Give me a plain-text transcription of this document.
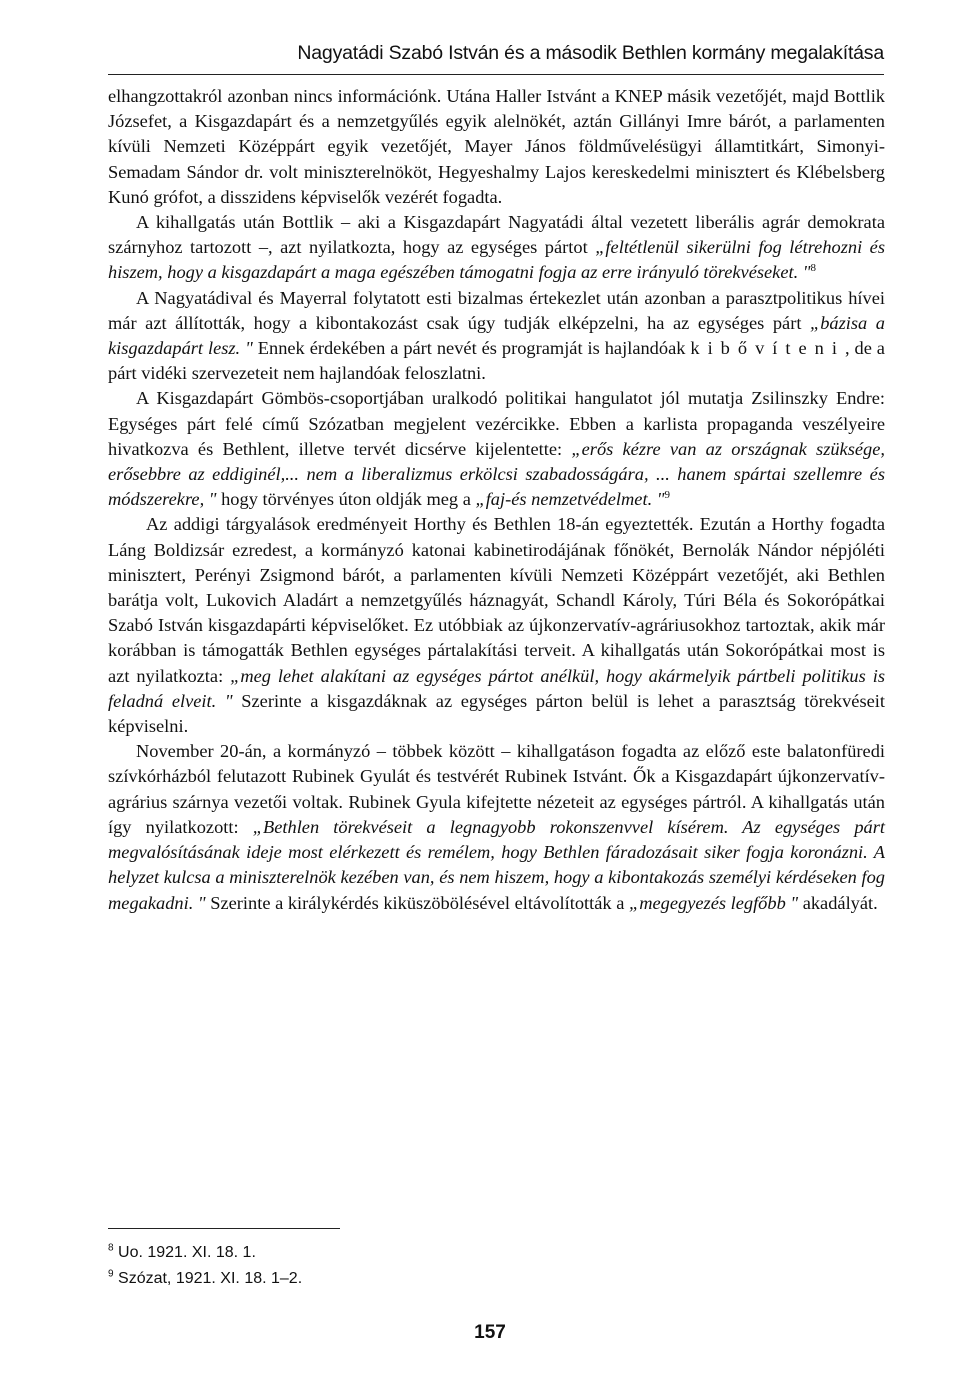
Nagyatádi Szabó István és a második Bethlen kormány megalakítása

elhangzottakról azonban nincs információnk. Utána Haller Istvánt a KNEP másik vezetőjét, majd Bottlik Józsefet, a Kisgazdapárt és a nemzetgyűlés egyik alelnökét, aztán Gillányi Imre bárót, a parlamenten kívüli Nemzeti Középpárt egyik vezetőjét, Mayer János földművelésügyi államtitkárt, Simonyi-Semadam Sándor dr. volt miniszterelnököt, Hegyeshalmy Lajos kereskedelmi minisztert és Klébelsberg Kunó grófot, a disszidens képviselők vezérét fogadta.

A kihallgatás után Bottlik – aki a Kisgazdapárt Nagyatádi által vezetett liberális agrár demokrata szárnyhoz tartozott –, azt nyilatkozta, hogy az egységes pártot „feltétlenül sikerülni fog létrehozni és hiszem, hogy a kisgazdapárt a maga egészében támogatni fogja az erre irányuló törekvéseket. "$^8$

A Nagyatádival és Mayerral folytatott esti bizalmas értekezlet után azonban a parasztpolitikus hívei már azt állították, hogy a kibontakozást csak úgy tudják elképzelni, ha az egységes párt „bázisa a kisgazdapárt lesz. " Ennek érdekében a párt nevét és programját is hajlandóak kibővíteni, de a párt vidéki szervezeteit nem hajlandóak feloszlatni.

A Kisgazdapárt Gömbös-csoportjában uralkodó politikai hangulatot jól mutatja Zsilinszky Endre: Egységes párt felé című Szózatban megjelent vezércikke. Ebben a karlista propaganda veszélyeire hivatkozva és Bethlent, illetve tervét dicsérve kijelentette: „erős kézre van az országnak szüksége, erősebbre az eddiginél,... nem a liberalizmus erkölcsi szabadosságára, ... hanem spártai szellemre és módszerekre, " hogy törvényes úton oldják meg a „faj-és nemzetvédelmet. "$^9$

Az addigi tárgyalások eredményeit Horthy és Bethlen 18-án egyeztették. Ezután a Horthy fogadta Láng Boldizsár ezredest, a kormányzó katonai kabinetirodájának főnökét, Bernolák Nándor népjóléti minisztert, Perényi Zsigmond bárót, a parlamenten kívüli Nemzeti Középpárt vezetőjét, aki Bethlen barátja volt, Lukovich Aladárt a nemzetgyűlés háznagyát, Schandl Károly, Túri Béla és Sokorópátkai Szabó István kisgazdapárti képviselőket. Ez utóbbiak az újkonzervatív-agráriusokhoz tartoztak, akik már korábban is támogatták Bethlen egységes pártalakítási terveit. A kihallgatás után Sokorópátkai most is azt nyilatkozta: „meg lehet alakítani az egységes pártot anélkül, hogy akármelyik pártbeli politikus is feladná elveit. " Szerinte a kisgazdáknak az egységes párton belül is lehet a parasztság törekvéseit képviselni.

November 20-án, a kormányzó – többek között – kihallgatáson fogadta az előző este balatonfüredi szívkórházból felutazott Rubinek Gyulát és testvérét Rubinek Istvánt. Ők a Kisgazdapárt újkonzervatív-agrárius szárnya vezetői voltak. Rubinek Gyula kifejtette nézeteit az egységes pártról. A kihallgatás után így nyilatkozott: „Bethlen törekvéseit a legnagyobb rokonszenvvel kísérem. Az egységes párt megvalósításának ideje most elérkezett és remélem, hogy Bethlen fáradozásait siker fogja koronázni. A helyzet kulcsa a miniszterelnök kezében van, és nem hiszem, hogy a kibontakozás személyi kérdéseken fog megakadni. " Szerinte a királykérdés kiküszöbölésével eltávolították a „megegyezés legfőbb " akadályát.

$^8$ Uo. 1921. XI. 18. 1.

$^9$ Szózat, 1921. XI. 18. 1–2.

157
